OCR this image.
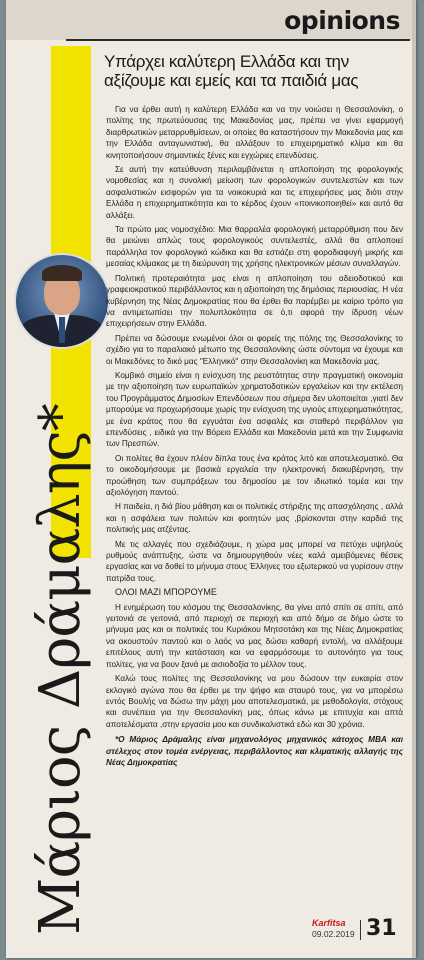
opinions
Μάριος Δράμαλης*
Υπάρχει καλύτερη Ελλάδα και την αξίζουμε και εμείς και τα παιδιά μας

Για να έρθει αυτή η καλύτερη Ελλάδα και να την νοιώσει η Θεσσαλονίκη, ο πολίτης της πρωτεύουσας της Μακεδονίας μας, πρέπει να γίνει εφαρμογή διαρθρωτικών μεταρρυθμίσεων, οι οποίες θα καταστήσουν την Μακεδονία μας και την Ελλάδα ανταγωνιστική, θα αλλάξουν το επιχειρηματικό κλίμα και θα κινητοποιήσουν σημαντικές ξένες και εγχώριες επενδύσεις.

Σε αυτή την κατεύθυνση περιλαμβάνεται η απλοποίηση της φορολογικής νομοθεσίας και η συνολική μείωση των φορολογικών συντελεστών και των ασφαλιστικών εισφορών για τα νοικοκυριά και τις επιχειρήσεις μας διότι στην Ελλάδα η επιχειρηματικότητα και το κέρδος έχουν «ποινικοποιηθεί» και αυτό θα αλλάξει.

Τα πρώτο μας νομοσχέδιο: Μια θαρραλέα φορολογική μεταρρύθμιση που δεν θα μειώνει απλώς τους φορολογικούς συντελεστές, αλλά θα απλοποιεί παράλληλα τον φορολογικό κώδικα και θα εστιάζει στη φοροδιαφυγή μικρής και μεσαίας κλίμακας με τη διεύρυνση της χρήσης ηλεκτρονικών μέσων συναλλαγών.

Πολιτική προτεραιότητα μας είναι η απλοποίηση του αδειοδοτικού και γραφειοκρατικού περιβάλλοντος και η αξιοποίηση της δημόσιας περιουσίας. Η νέα κυβέρνηση της Νέας Δημοκρατίας που θα έρθει θα παρέμβει με καίριο τρόπο για να αντιμετωπίσει την πολυπλοκότητα σε ό,τι αφορά την ίδρυση νέων επιχειρήσεων στην Ελλάδα.

Πρέπει να δώσουμε ενωμένοι όλοι οι φορείς της πόλης της Θεσσαλονίκης το σχέδιο για το παραλιακό μέτωπο της Θεσσαλονίκης ώστε σύντομα να έχουμε και οι Μακεδόνες το δικό μας "Ελληνικό" στην Θεσσαλονίκη και Μακεδονία μας.

Κομβικό σημείο είναι η ενίσχυση της ρευστότητας στην πραγματική οικονομία με την αξιοποίηση των ευρωπαϊκών χρηματοδοτικών εργαλείων και την εκτέλεση του Προγράμματος Δημοσίων Επενδύσεων που σήμερα δεν υλοποιείται ,γιατί δεν μπορούμε να προχωρήσουμε χωρίς την ενίσχυση της υγιούς επιχειρηματικότητας, με ένα κράτος που θα εγγυάται ένα ασφαλές και σταθερό περιβάλλον για επενδύσεις , ειδικά για την Βόρειο Ελλάδα και Μακεδονία μετά και την Συμφωνία των Πρεσπών.

Οι πολίτες θα έχουν πλέον δίπλα τους ένα κράτος λιτό και αποτελεσματικό. Θα το οικοδομήσουμε με βασικά εργαλεία την ηλεκτρονική διακυβέρνηση, την προώθηση των συμπράξεων του δημοσίου με τον ιδιωτικό τομέα και την αξιολόγηση παντού.

Η παιδεία, η διά βίου μάθηση και οι πολιτικές στήριξης της απασχόλησης , αλλά και η ασφάλεια των πολιτών και φοιτητών μας ,βρίσκονται στην καρδιά της πολιτικής μας ατζέντας.

Με τις αλλαγές που σχεδιάζουμε, η χώρα μας μπορεί να πετύχει υψηλούς ρυθμούς ανάπτυξης, ώστε να δημιουργηθούν νέες καλά αμειβόμενες θέσεις εργασίας και να δοθεί το μήνυμα στους Έλληνες του εξωτερικού να γυρίσουν στην πατρίδα τους.

ΟΛΟΙ ΜΑΖΙ ΜΠΟΡΟΥΜΕ

Η ενημέρωση του κόσμου της Θεσσαλονίκης, θα γίνει από σπίτι σε σπίτι, από γειτονιά σε γειτονιά, από περιοχή σε περιοχή και από δήμο σε δήμο ώστε το μήνυμα μας και οι πολιτικές του Κυριάκου Μητσοτάκη και της Νέας Δημοκρατίας να ακουστούν παντού και ο λαός να μας δώσει καθαρή εντολή, να αλλάξουμε επιτέλους αυτή την κατάσταση και να εφαρμόσουμε το αυτονόητο για τους πολίτες, για να βουν ξανά με αισιοδοξία το μέλλον τους.

Καλώ τους πολίτες της Θεσσαλονίκης να μου δώσουν την ευκαιρία στον εκλογικό αγώνα που θα έρθει με την ψήφο και σταυρό τους, για να μπορέσω εντός Βουλής να δώσω την μάχη μου αποτελεσματικά, με μεθοδολογία, στόχους και συνέπεια για την Θεσσαλονίκη μας, όπως κάνω με επιτυχία και απτά αποτελέσματα ,στην εργασία μου και συνδικαλιστικά εδώ και 30 χρόνια.

*Ο Μάριος Δράμαλης είναι μηχανολόγος μηχανικός κάτοχος MBA και στέλεχος στον τομέα ενέργειας, περιβάλλοντος και κλιματικής αλλαγής της Νέας Δημοκρατίας

Karfitsa
09.02.2019 31
